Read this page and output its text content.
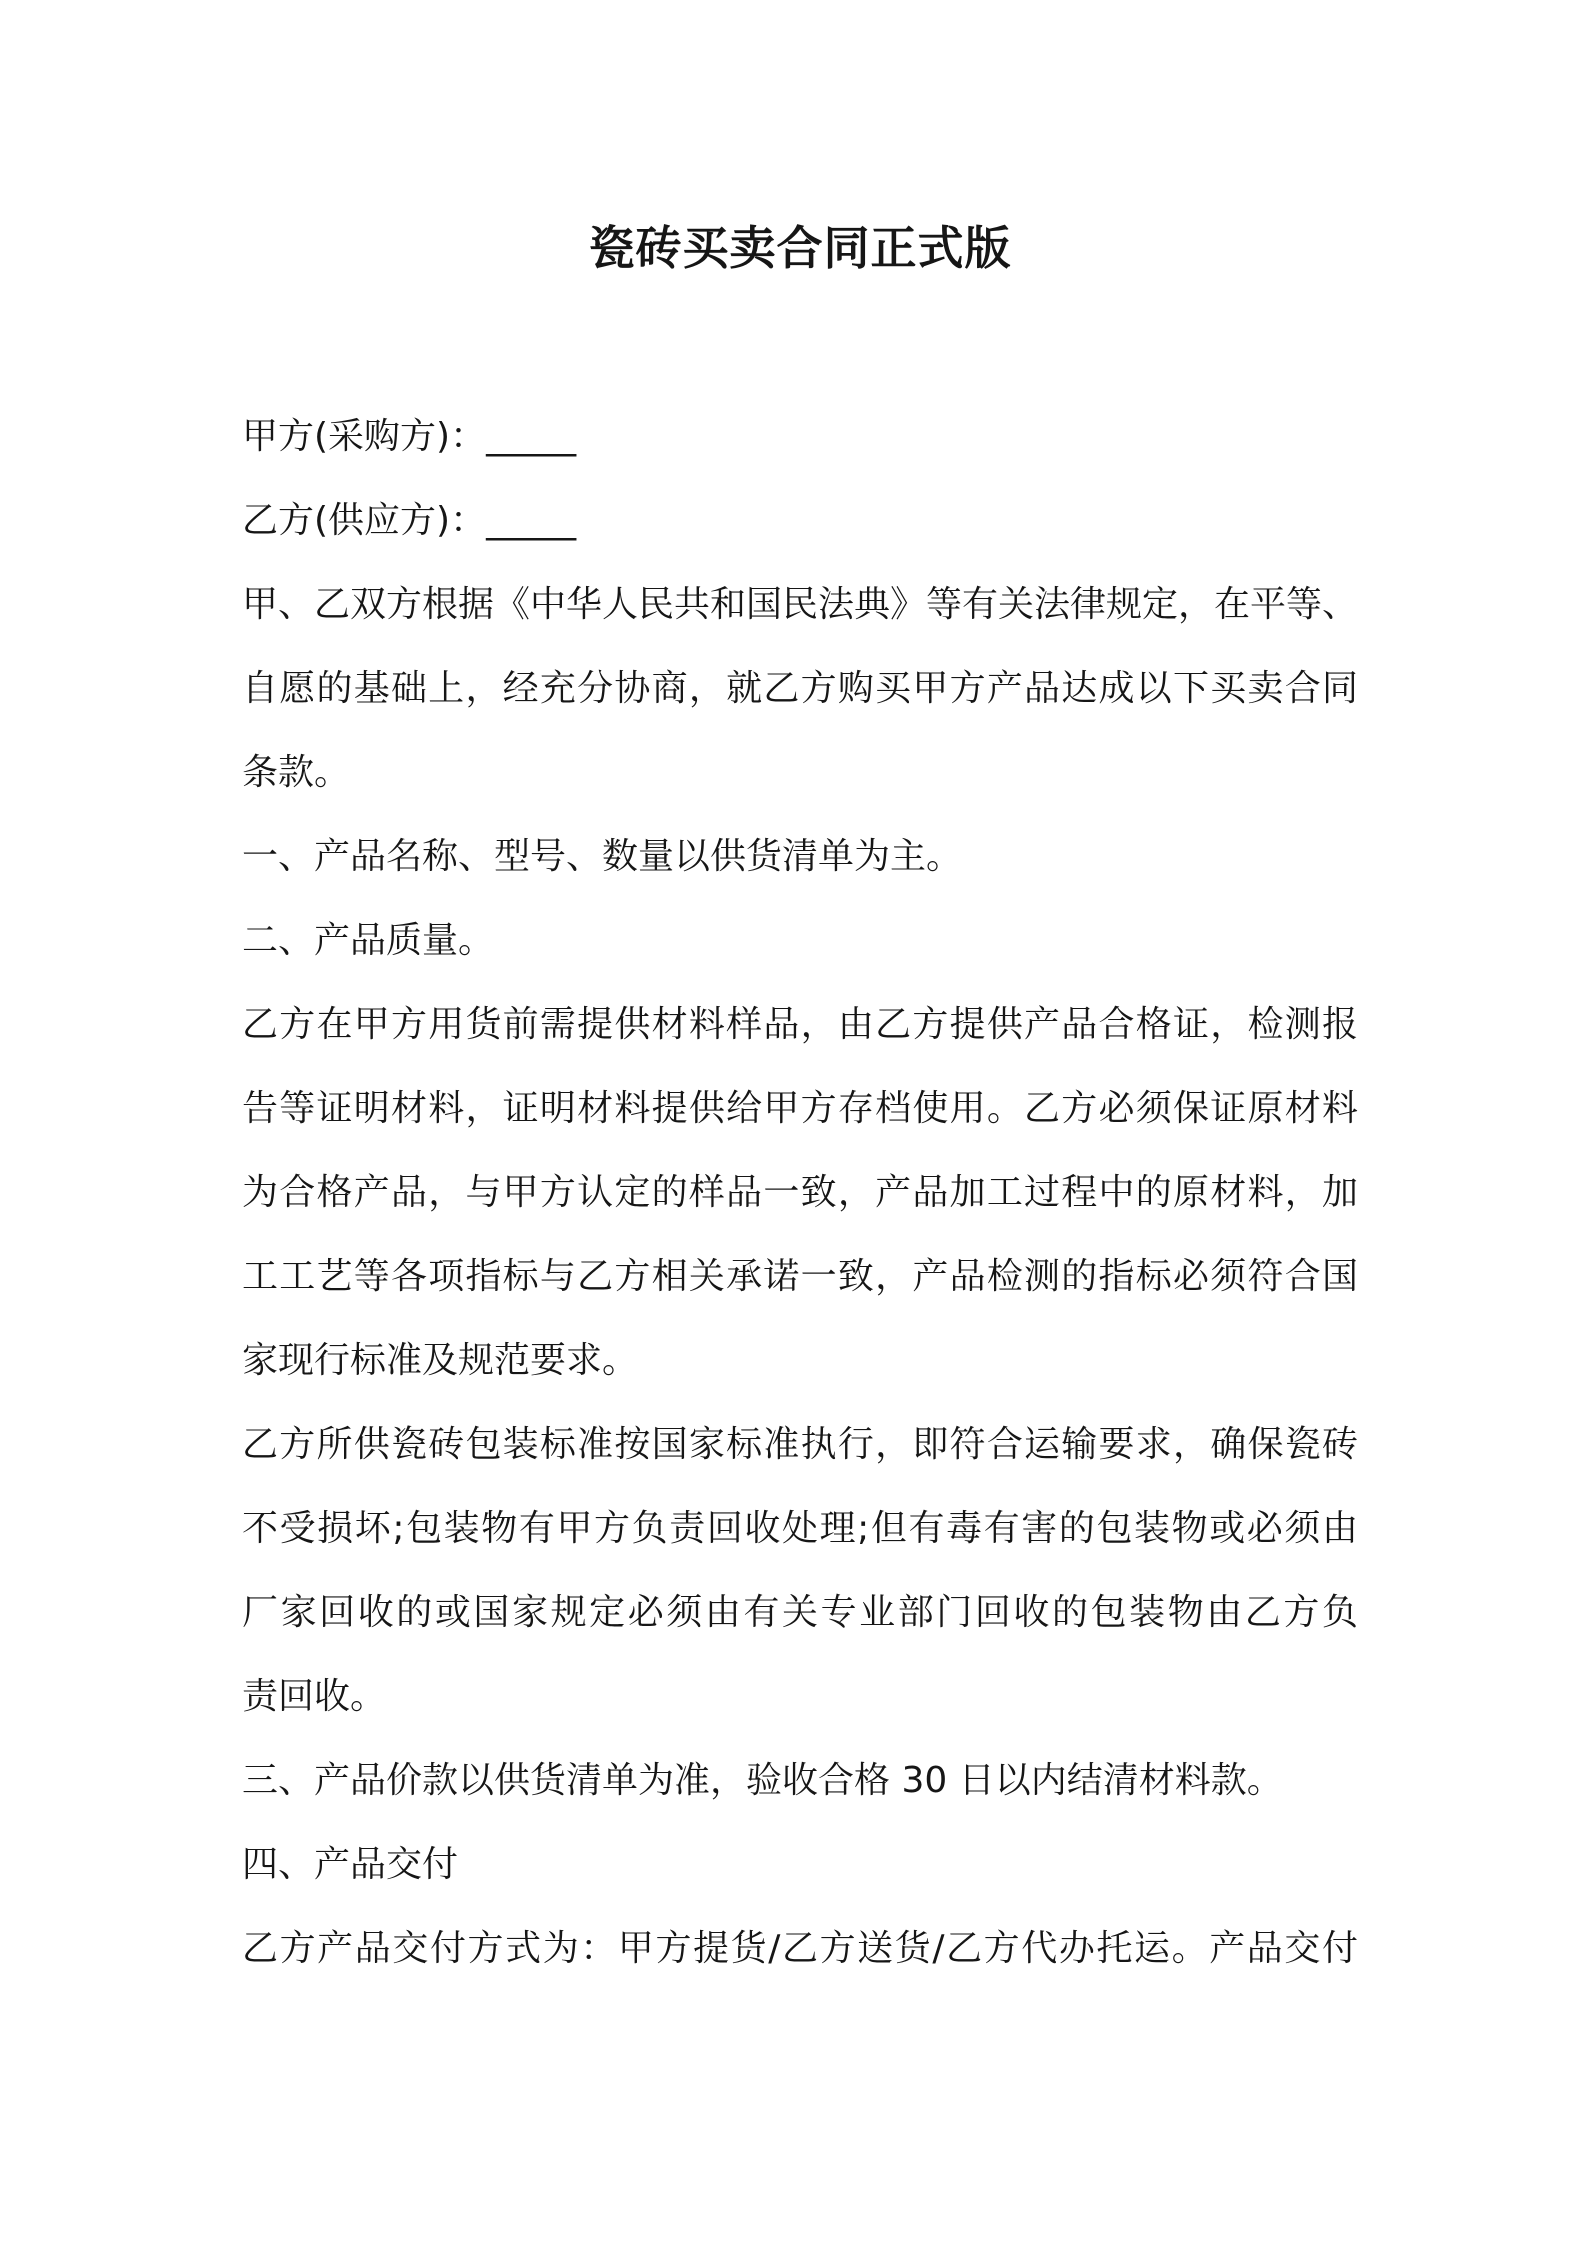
瓷砖买卖合同正式版
甲方(采购方)：_____
乙方(供应方)：_____
甲、乙双方根据《中华人民共和国民法典》等有关法律规定，在平等、
自愿的基础上，经充分协商，就乙方购买甲方产品达成以下买卖合同
条款。
一、产品名称、型号、数量以供货清单为主。
二、产品质量。
乙方在甲方用货前需提供材料样品，由乙方提供产品合格证，检测报
告等证明材料，证明材料提供给甲方存档使用。乙方必须保证原材料
为合格产品，与甲方认定的样品一致，产品加工过程中的原材料，加
工工艺等各项指标与乙方相关承诺一致，产品检测的指标必须符合国
家现行标准及规范要求。
乙方所供瓷砖包装标准按国家标准执行，即符合运输要求，确保瓷砖
不受损坏;包装物有甲方负责回收处理;但有毒有害的包装物或必须由
厂家回收的或国家规定必须由有关专业部门回收的包装物由乙方负
责回收。
三、产品价款以供货清单为准，验收合格 30 日以内结清材料款。
四、产品交付
乙方产品交付方式为：甲方提货/乙方送货/乙方代办托运。产品交付
